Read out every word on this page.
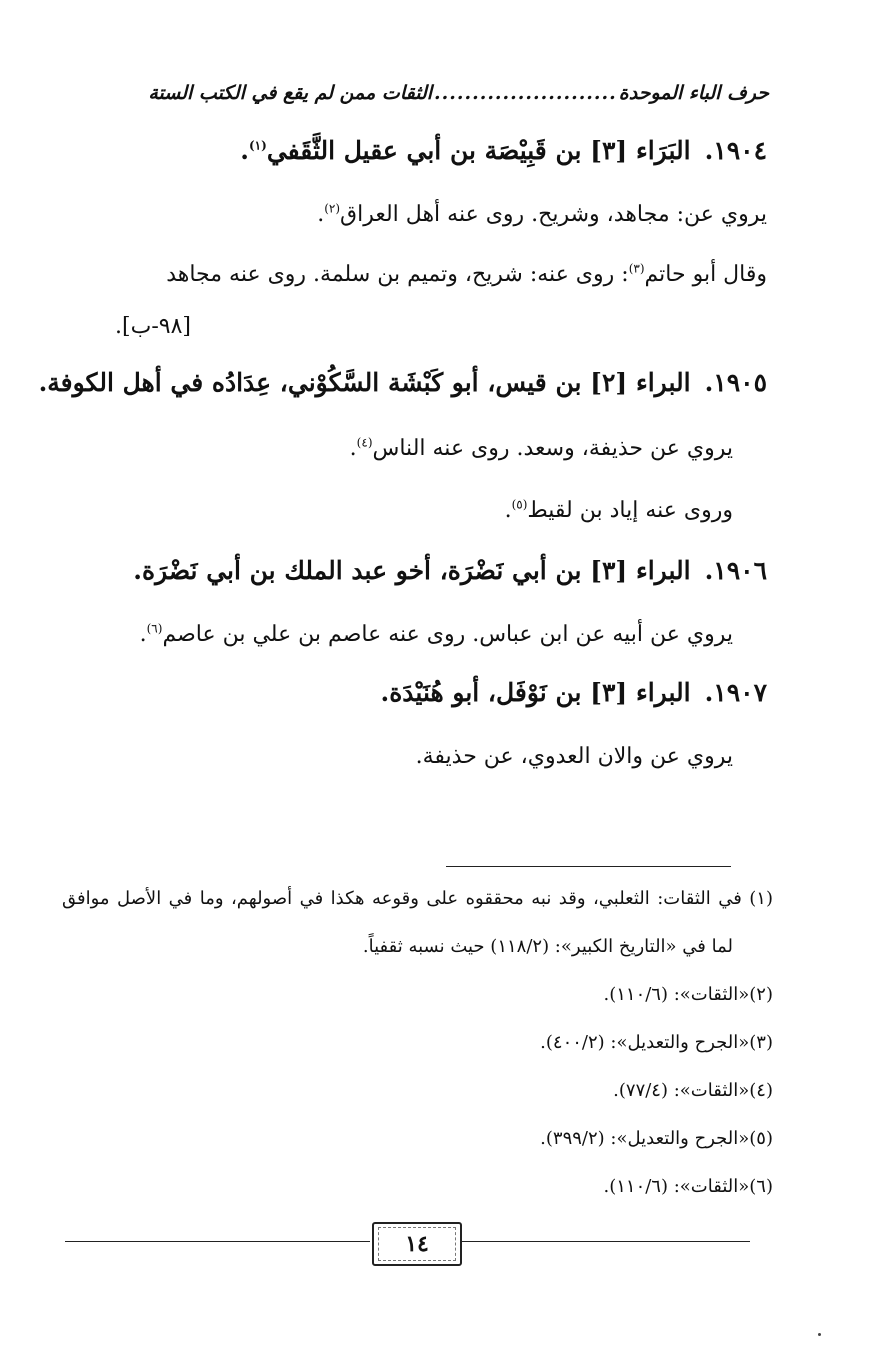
حرف الباء الموحدة
........................
الثقات ممن لم يقع في الكتب الستة
١٩٠٤.البَرَاء [٣] بن قَبِيْصَة بن أبي عقيل الثَّقَفي$^{(١)}$.
يروي عن: مجاهد، وشريح. روى عنه أهل العراق$^{(٢)}$.
وقال أبو حاتم$^{(٣)}$: روى عنه: شريح، وتميم بن سلمة. روى عنه مجاهد
[٩٨-ب].
١٩٠٥.البراء [٢] بن قيس، أبو كَبْشَة السَّكُوْني، عِدَادُه في أهل الكوفة.
يروي عن حذيفة، وسعد. روى عنه الناس$^{(٤)}$.
وروى عنه إياد بن لقيط$^{(٥)}$.
١٩٠٦.البراء [٣] بن أبي نَضْرَة، أخو عبد الملك بن أبي نَضْرَة.
يروي عن أبيه عن ابن عباس. روى عنه عاصم بن علي بن عاصم$^{(٦)}$.
١٩٠٧.البراء [٣] بن نَوْفَل، أبو هُنَيْدَة.
يروي عن والان العدوي، عن حذيفة.
(١) في الثقات: الثعلبي، وقد نبه محققوه على وقوعه هكذا في أصولهم، وما في الأصل موافق
لما في «التاريخ الكبير»: (١١٨/٢) حيث نسبه ثقفياً.
(٢)«الثقات»: (١١٠/٦).
(٣)«الجرح والتعديل»: (٤٠٠/٢).
(٤)«الثقات»: (٧٧/٤).
(٥)«الجرح والتعديل»: (٣٩٩/٢).
(٦)«الثقات»: (١١٠/٦).
١٤
